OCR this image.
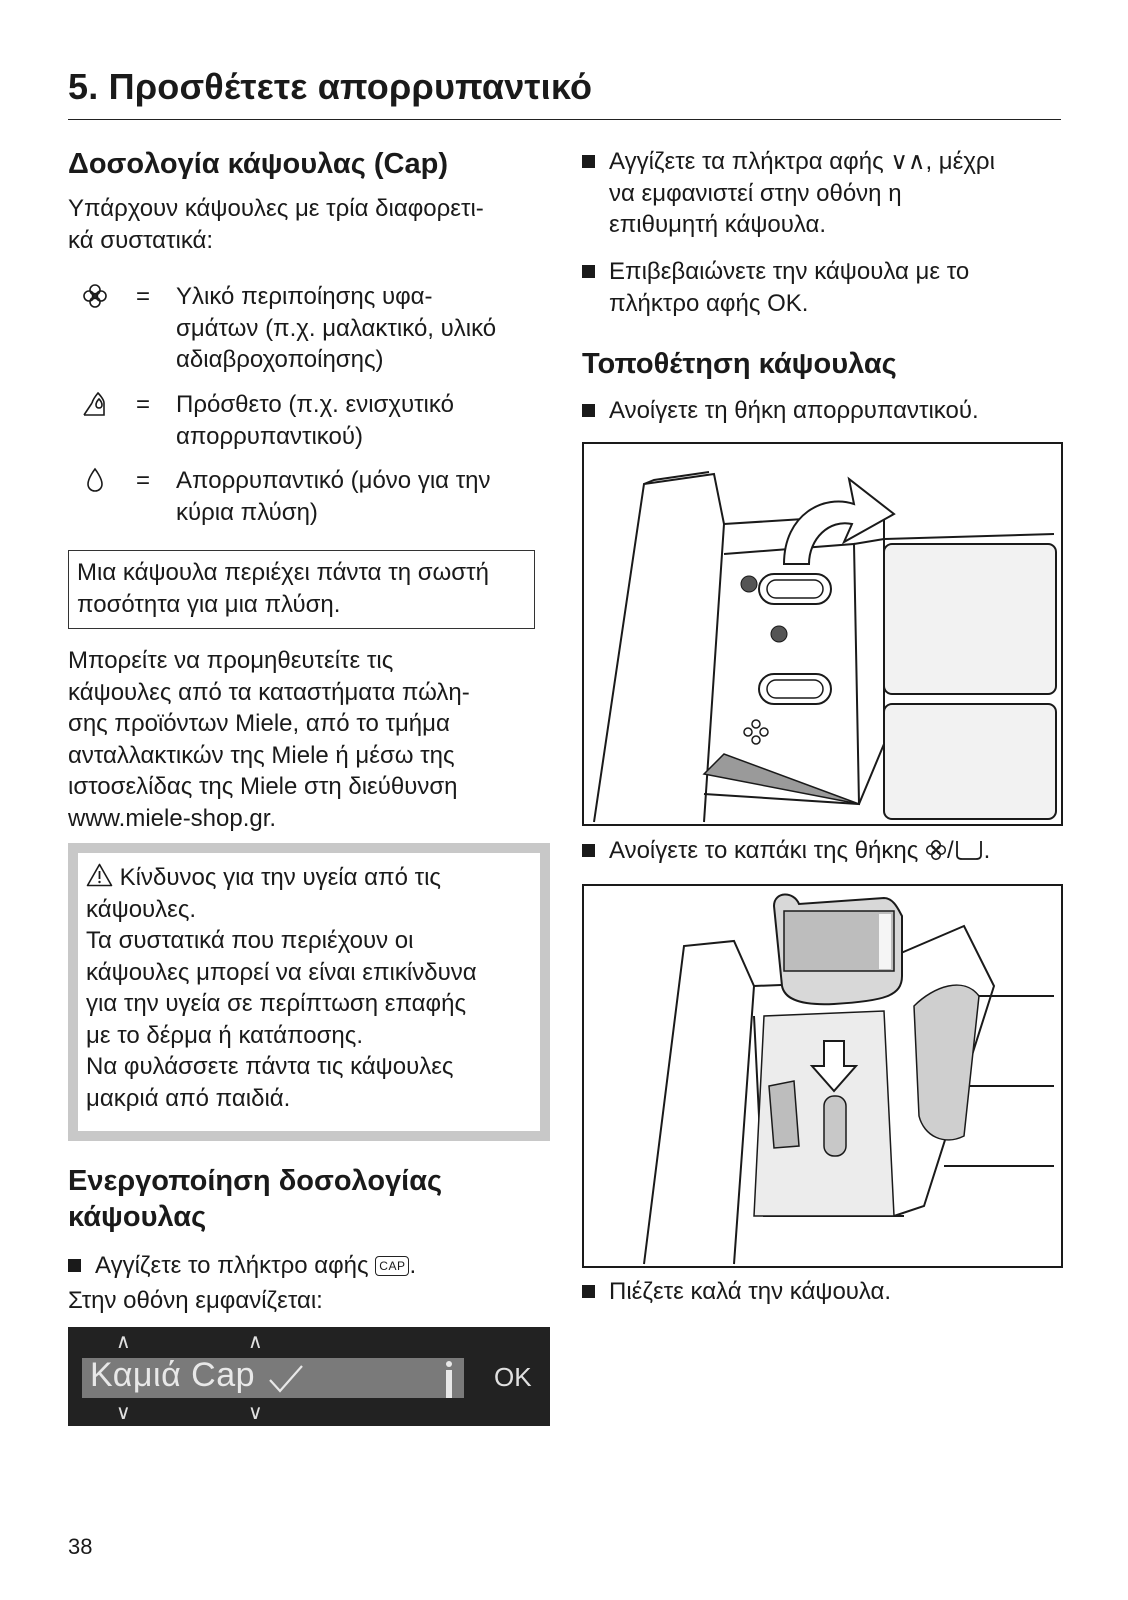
5. Προσθέτετε απορρυπαντικό
Δοσολογία κάψουλας (Cap)
Υπάρχουν κάψουλες με τρία διαφορετι-
κά συστατικά:
= Υλικό περιποίησης υφα-
σμάτων (π.χ. μαλακτικό, υλικό
αδιαβροχοποίησης)
= Πρόσθετο (π.χ. ενισχυτικό
απορρυπαντικού)
= Απορρυπαντικό (μόνο για την
κύρια πλύση)
Μια κάψουλα περιέχει πάντα τη σωστή
ποσότητα για μια πλύση.
Μπορείτε να προμηθευτείτε τις
κάψουλες από τα καταστήματα πώλη-
σης προϊόντων Miele, από το τμήμα
ανταλλακτικών της Miele ή μέσω της
ιστοσελίδας της Miele στη διεύθυνση
www.miele-shop.gr.
Κίνδυνος για την υγεία από τις
κάψουλες.
Τα συστατικά που περιέχουν οι
κάψουλες μπορεί να είναι επικίνδυνα
για την υγεία σε περίπτωση επαφής
με το δέρμα ή κατάποσης.
Να φυλάσσετε πάντα τις κάψουλες
μακριά από παιδιά.
Ενεργοποίηση δοσολογίας
κάψουλας
Αγγίζετε το πλήκτρο αφής CAP .
Στην οθόνη εμφανίζεται:
∧	∧
Καμιά Cap	OK
∨	∨
Αγγίζετε τα πλήκτρα αφής ∨∧, μέχρι
να εμφανιστεί στην οθόνη η
επιθυμητή κάψουλα.
Επιβεβαιώνετε την κάψουλα με το
πλήκτρο αφής OK.
Τοποθέτηση κάψουλας
Ανοίγετε τη θήκη απορρυπαντικού.
Ανοίγετε το καπάκι της θήκης / .
Πιέζετε καλά την κάψουλα.
38
